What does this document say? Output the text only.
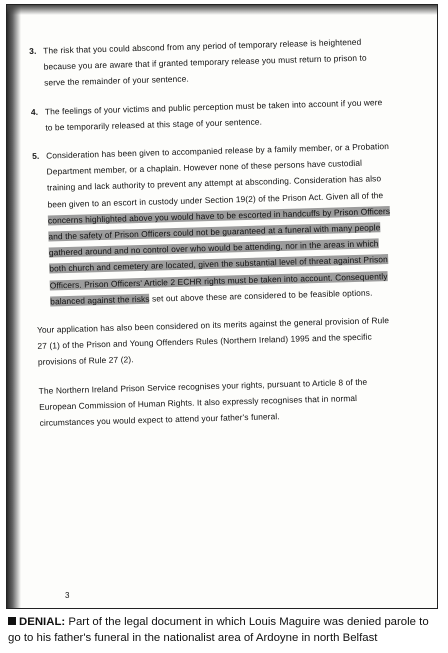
3. The risk that you could abscond from any period of temporary release is heightened because you are aware that if granted temporary release you must return to prison to serve the remainder of your sentence.

4. The feelings of your victims and public perception must be taken into account if you were to be temporarily released at this stage of your sentence.

5. Consideration has been given to accompanied release by a family member, or a Probation Department member, or a chaplain. However none of these persons have custodial training and lack authority to prevent any attempt at absconding. Consideration has also been given to an escort in custody under Section 19(2) of the Prison Act. Given all of the concerns highlighted above you would have to be escorted in handcuffs by Prison Officers and the safety of Prison Officers could not be guaranteed at a funeral with many people gathered around and no control over who would be attending, nor in the areas in which both church and cemetery are located, given the substantial level of threat against Prison Officers. Prison Officers' Article 2 ECHR rights must be taken into account. Consequently balanced against the risks set out above these are considered to be feasible options.

Your application has also been considered on its merits against the general provision of Rule 27 (1) of the Prison and Young Offenders Rules (Northern Ireland) 1995 and the specific provisions of Rule 27 (2).

The Northern Ireland Prison Service recognises your rights, pursuant to Article 8 of the European Commission of Human Rights. It also expressly recognises that in normal circumstances you would expect to attend your father's funeral.

3
DENIAL: Part of the legal document in which Louis Maguire was denied parole to go to his father's funeral in the nationalist area of Ardoyne in north Belfast
